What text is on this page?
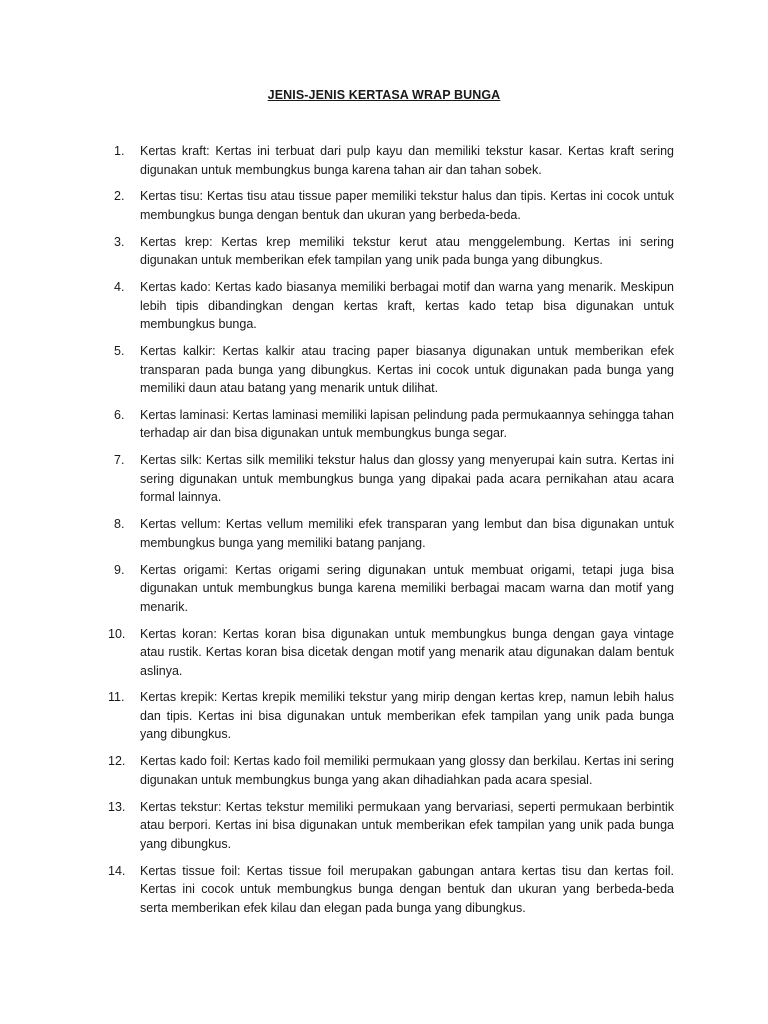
JENIS-JENIS KERTASA WRAP BUNGA
1.	Kertas kraft: Kertas ini terbuat dari pulp kayu dan memiliki tekstur kasar. Kertas kraft sering digunakan untuk membungkus bunga karena tahan air dan tahan sobek.
2.	Kertas tisu: Kertas tisu atau tissue paper memiliki tekstur halus dan tipis. Kertas ini cocok untuk membungkus bunga dengan bentuk dan ukuran yang berbeda-beda.
3.	Kertas krep: Kertas krep memiliki tekstur kerut atau menggelembung. Kertas ini sering digunakan untuk memberikan efek tampilan yang unik pada bunga yang dibungkus.
4.	Kertas kado: Kertas kado biasanya memiliki berbagai motif dan warna yang menarik. Meskipun lebih tipis dibandingkan dengan kertas kraft, kertas kado tetap bisa digunakan untuk membungkus bunga.
5.	Kertas kalkir: Kertas kalkir atau tracing paper biasanya digunakan untuk memberikan efek transparan pada bunga yang dibungkus. Kertas ini cocok untuk digunakan pada bunga yang memiliki daun atau batang yang menarik untuk dilihat.
6.	Kertas laminasi: Kertas laminasi memiliki lapisan pelindung pada permukaannya sehingga tahan terhadap air dan bisa digunakan untuk membungkus bunga segar.
7.	Kertas silk: Kertas silk memiliki tekstur halus dan glossy yang menyerupai kain sutra. Kertas ini sering digunakan untuk membungkus bunga yang dipakai pada acara pernikahan atau acara formal lainnya.
8.	Kertas vellum: Kertas vellum memiliki efek transparan yang lembut dan bisa digunakan untuk membungkus bunga yang memiliki batang panjang.
9.	Kertas origami: Kertas origami sering digunakan untuk membuat origami, tetapi juga bisa digunakan untuk membungkus bunga karena memiliki berbagai macam warna dan motif yang menarik.
10.	Kertas koran: Kertas koran bisa digunakan untuk membungkus bunga dengan gaya vintage atau rustik. Kertas koran bisa dicetak dengan motif yang menarik atau digunakan dalam bentuk aslinya.
11.	Kertas krepik: Kertas krepik memiliki tekstur yang mirip dengan kertas krep, namun lebih halus dan tipis. Kertas ini bisa digunakan untuk memberikan efek tampilan yang unik pada bunga yang dibungkus.
12.	Kertas kado foil: Kertas kado foil memiliki permukaan yang glossy dan berkilau. Kertas ini sering digunakan untuk membungkus bunga yang akan dihadiahkan pada acara spesial.
13.	Kertas tekstur: Kertas tekstur memiliki permukaan yang bervariasi, seperti permukaan berbintik atau berpori. Kertas ini bisa digunakan untuk memberikan efek tampilan yang unik pada bunga yang dibungkus.
14.	Kertas tissue foil: Kertas tissue foil merupakan gabungan antara kertas tisu dan kertas foil. Kertas ini cocok untuk membungkus bunga dengan bentuk dan ukuran yang berbeda-beda serta memberikan efek kilau dan elegan pada bunga yang dibungkus.
